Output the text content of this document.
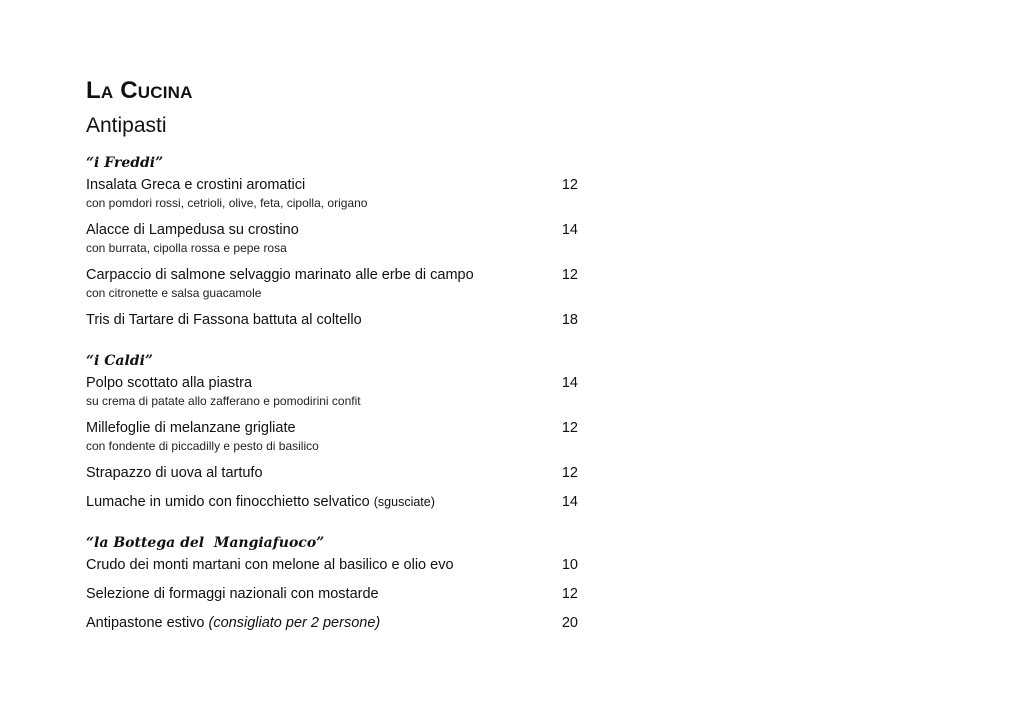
La Cucina
Antipasti
“i Freddi”
Insalata Greca e crostini aromatici	12
con pomdori rossi, cetrioli, olive, feta, cipolla, origano
Alacce di Lampedusa su crostino	14
con burrata, cipolla rossa e pepe rosa
Carpaccio di salmone selvaggio marinato alle erbe di campo	12
con citronette e salsa guacamole
Tris di Tartare di Fassona battuta al coltello	18
“i Caldi”
Polpo scottato alla piastra	14
su crema di patate allo zafferano e pomodirini confit
Millefoglie di melanzane grigliate	12
con fondente di piccadilly e pesto di basilico
Strapazzo di uova al tartufo	12
Lumache in umido con finocchietto selvatico (sgusciate)	14
“la Bottega del  Mangiafuoco”
Crudo dei monti martani con melone al basilico e olio evo	10
Selezione di formaggi nazionali con mostarde	12
Antipastone estivo (consigliato per 2 persone)	20
